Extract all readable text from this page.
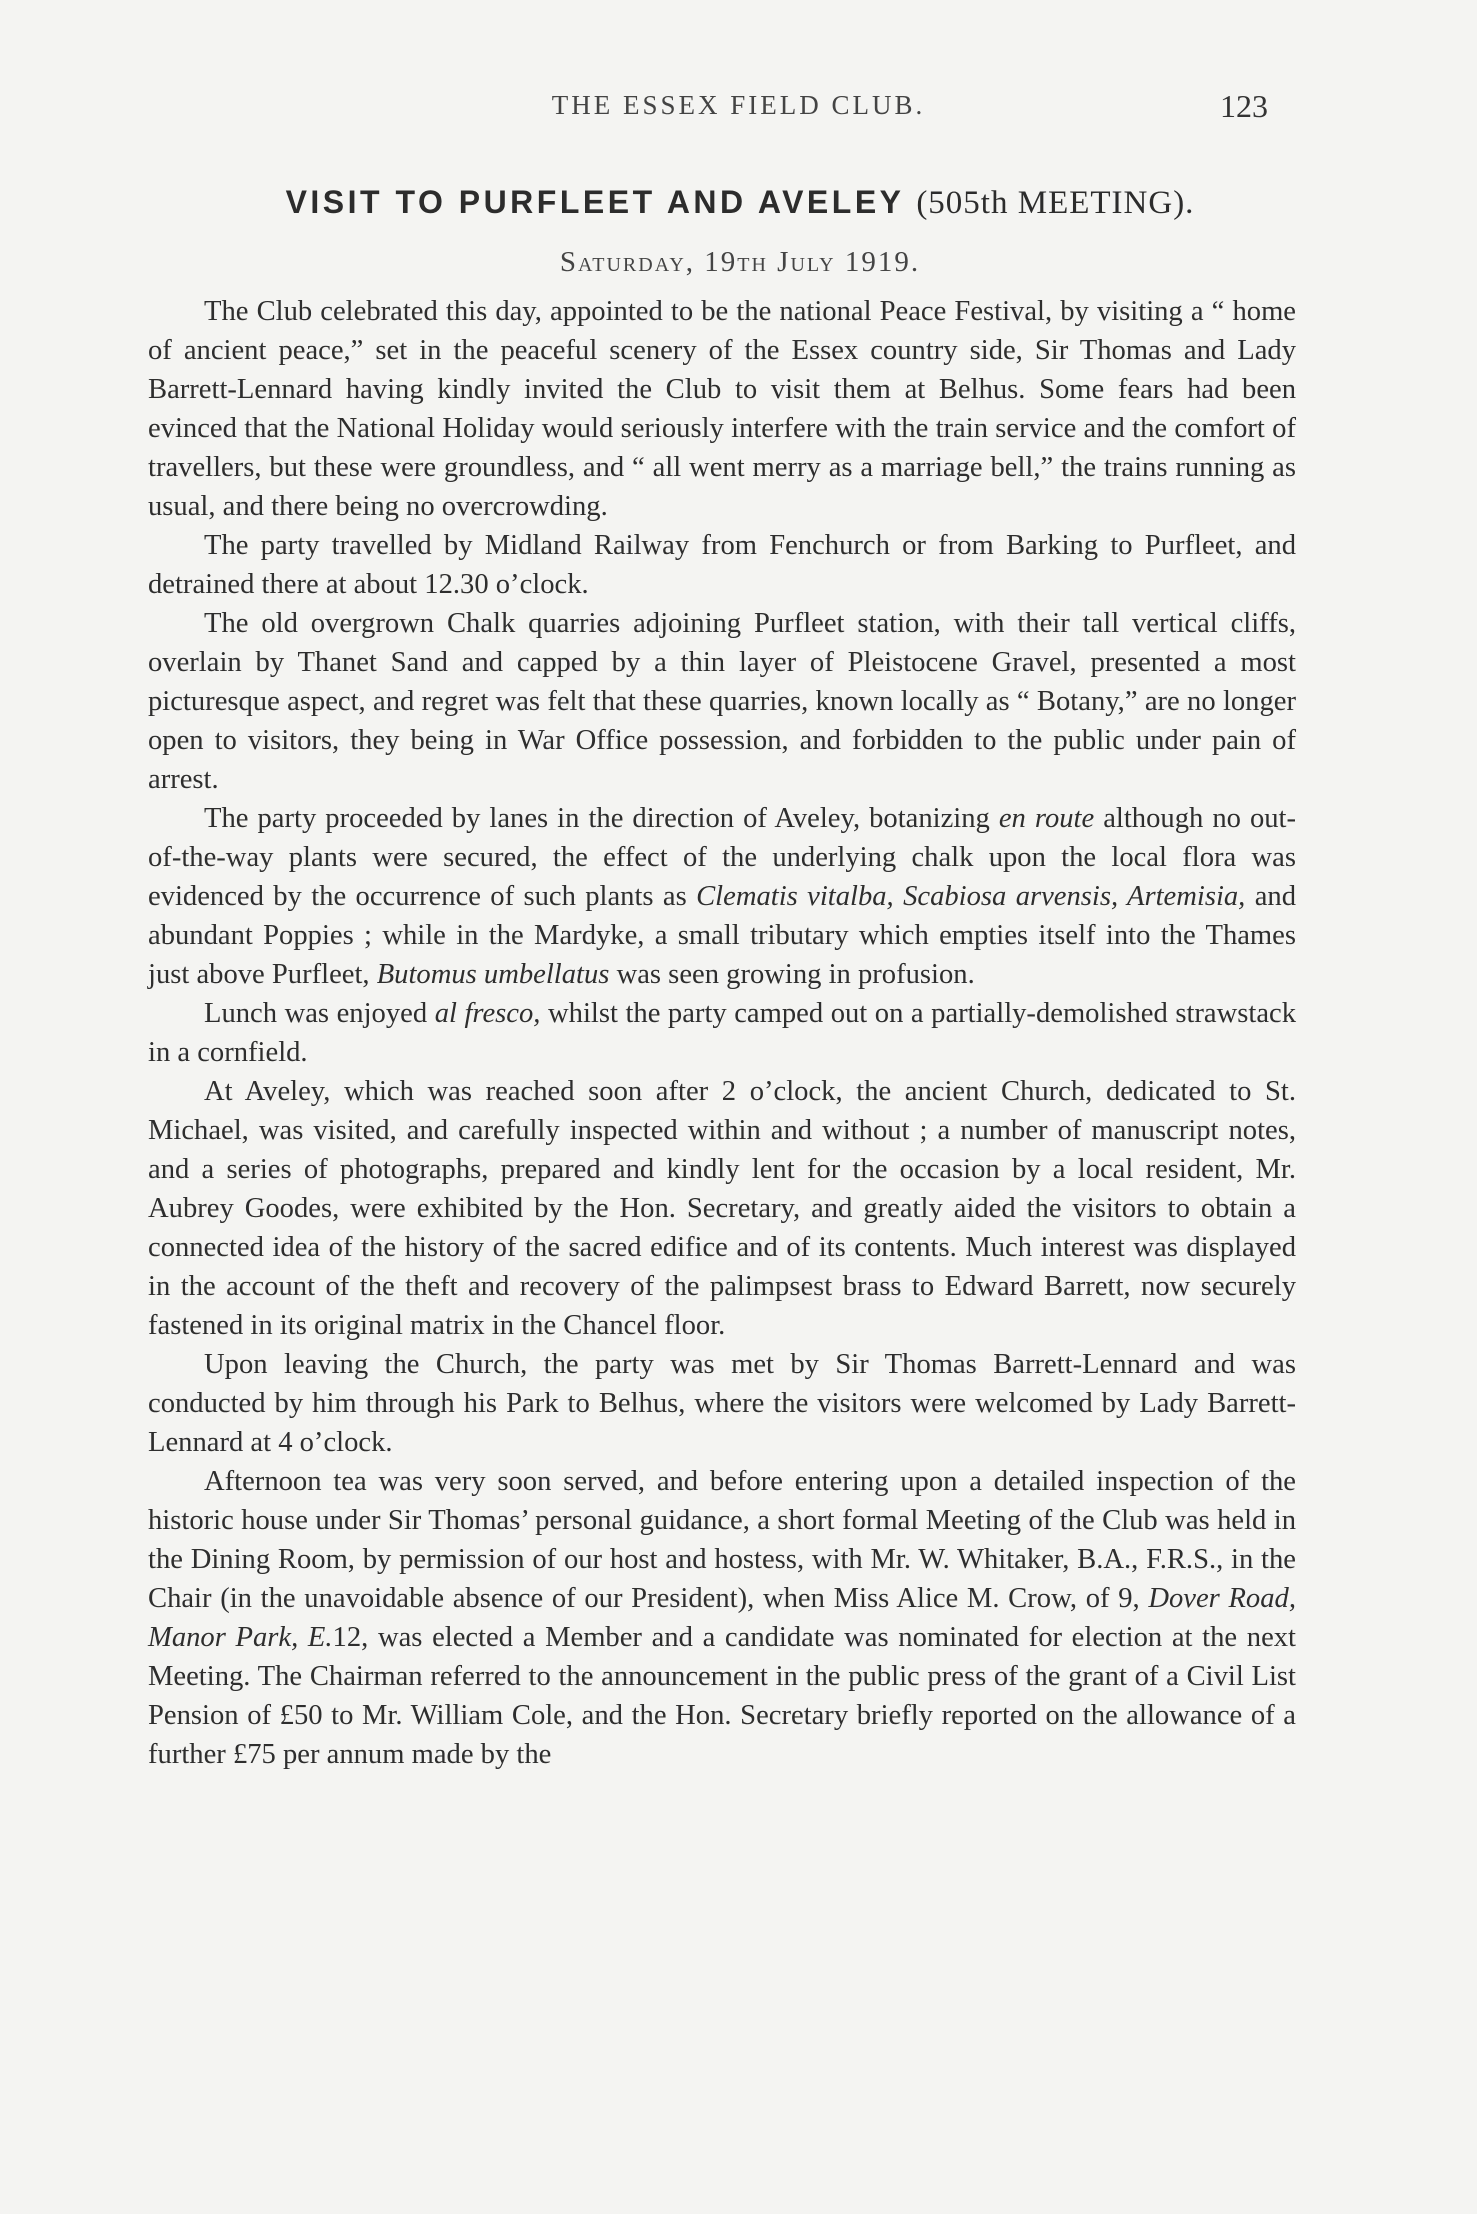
THE ESSEX FIELD CLUB.	123
VISIT TO PURFLEET AND AVELEY (505th MEETING).
Saturday, 19th July 1919.

The Club celebrated this day, appointed to be the national Peace Festival, by visiting a “ home of ancient peace,” set in the peaceful scenery of the Essex country side, Sir Thomas and Lady Barrett-Lennard having kindly invited the Club to visit them at Belhus. Some fears had been evinced that the National Holiday would seriously interfere with the train service and the comfort of travellers, but these were groundless, and “ all went merry as a marriage bell,” the trains running as usual, and there being no overcrowding.

The party travelled by Midland Railway from Fenchurch or from Barking to Purfleet, and detrained there at about 12.30 o’clock.

The old overgrown Chalk quarries adjoining Purfleet station, with their tall vertical cliffs, overlain by Thanet Sand and capped by a thin layer of Pleistocene Gravel, presented a most picturesque aspect, and regret was felt that these quarries, known locally as “ Botany,” are no longer open to visitors, they being in War Office possession, and forbidden to the public under pain of arrest.

The party proceeded by lanes in the direction of Aveley, botanizing en route although no out-of-the-way plants were secured, the effect of the underlying chalk upon the local flora was evidenced by the occurrence of such plants as Clematis vitalba, Scabiosa arvensis, Artemisia, and abundant Poppies ; while in the Mardyke, a small tributary which empties itself into the Thames just above Purfleet, Butomus umbellatus was seen growing in profusion.

Lunch was enjoyed al fresco, whilst the party camped out on a partially-demolished strawstack in a cornfield.

At Aveley, which was reached soon after 2 o’clock, the ancient Church, dedicated to St. Michael, was visited, and carefully inspected within and without ; a number of manuscript notes, and a series of photographs, prepared and kindly lent for the occasion by a local resident, Mr. Aubrey Goodes, were exhibited by the Hon. Secretary, and greatly aided the visitors to obtain a connected idea of the history of the sacred edifice and of its contents. Much interest was displayed in the account of the theft and recovery of the palimpsest brass to Edward Barrett, now securely fastened in its original matrix in the Chancel floor.

Upon leaving the Church, the party was met by Sir Thomas Barrett-Lennard and was conducted by him through his Park to Belhus, where the visitors were welcomed by Lady Barrett-Lennard at 4 o’clock.

Afternoon tea was very soon served, and before entering upon a detailed inspection of the historic house under Sir Thomas’ personal guidance, a short formal Meeting of the Club was held in the Dining Room, by permission of our host and hostess, with Mr. W. Whitaker, B.A., F.R.S., in the Chair (in the unavoidable absence of our President), when Miss Alice M. Crow, of 9, Dover Road, Manor Park, E.12, was elected a Member and a candidate was nominated for election at the next Meeting. The Chairman referred to the announcement in the public press of the grant of a Civil List Pension of £50 to Mr. William Cole, and the Hon. Secretary briefly reported on the allowance of a further £75 per annum made by the
